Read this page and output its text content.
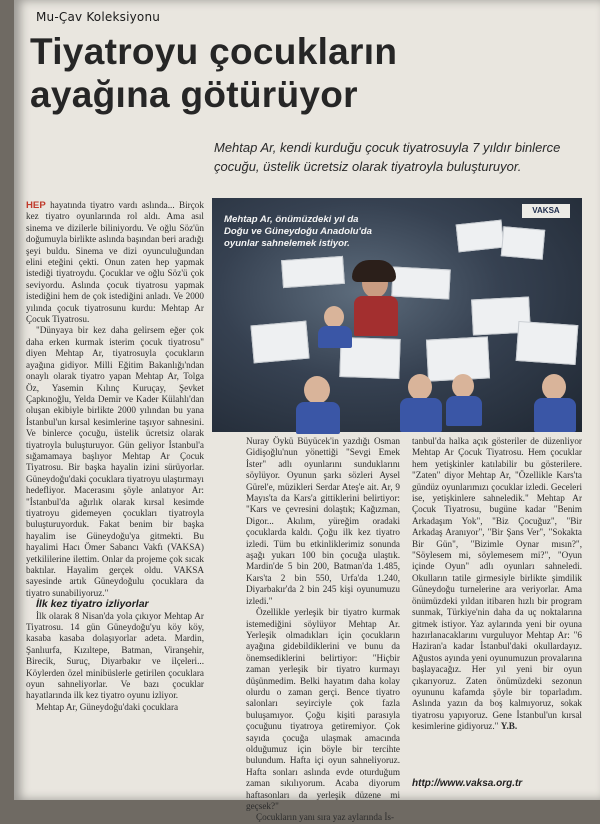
Mu-Çav Koleksiyonu
Tiyatroyu çocukların
ayağına götürüyor

Mehtap Ar, kendi kurduğu çocuk tiyatrosuyla 7 yıldır binlerce çocuğu, üstelik ücretsiz olarak tiyatroyla buluşturuyor.

HEP hayatında tiyatro vardı aslında... Birçok kez tiyatro oyunlarında rol aldı. Ama asıl sinema ve dizilerle biliniyordu. Ve oğlu Söz'ün doğumuyla birlikte aslında başından beri aradığı şeyi buldu. Sinema ve dizi oyunculuğundan elini eteğini çekti. Onun zaten hep yapmak istediği tiyatroydu. Çocuklar ve oğlu Söz'ü çok seviyordu. Aslında çocuk tiyatrosu yapmak istediğini hem de çok istediğini anladı. Ve 2000 yılında çocuk tiyatrosunu kurdu: Mehtap Ar Çocuk Tiyatrosu.

"Dünyaya bir kez daha gelirsem eğer çok daha erken kurmak isterim çocuk tiyatrosu" diyen Mehtap Ar, tiyatrosuyla çocukların ayağına gidiyor. Milli Eğitim Bakanlığı'ndan onaylı olarak tiyatro yapan Mehtap Ar, Tolga Öz, Yasemin Kılınç Kuruçay, Şevket Çapkınoğlu, Yelda Demir ve Kader Külahlı'dan oluşan ekibiyle birlikte 2000 yılından bu yana İstanbul'un kırsal kesimlerine taşıyor sahnesini. Ve binlerce çocuğu, üstelik ücretsiz olarak tiyatroyla buluşturuyor. Gün geliyor İstanbul'a sığamamaya başlıyor Mehtap Ar Çocuk Tiyatrosu. Bir başka hayalin izini sürüyorlar. Güneydoğu'daki çocuklara tiyatroyu ulaştırmayı hedefliyor. Macerasını şöyle anlatıyor Ar: "İstanbul'da ağırlık olarak kırsal kesimde tiyatroyu gidemeyen çocukları tiyatroyla buluşturuyorduk. Fakat benim bir başka hayalim ise Güneydoğu'ya gitmekti. Bu hayalimi Hacı Ömer Sabancı Vakfı (VAKSA) yetkililerine ilettim. Onlar da projeme çok sıcak baktılar. Hayalim gerçek oldu. VAKSA sayesinde artık Güneydoğulu çocuklara da tiyatro sunabiliyoruz."

İlk kez tiyatro izliyorlar

İlk olarak 8 Nisan'da yola çıkıyor Mehtap Ar Tiyatrosu. 14 gün Güneydoğu'yu köy köy, kasaba kasaba dolaşıyorlar adeta. Mardin, Şanlıurfa, Kızıltepe, Batman, Viranşehir, Birecik, Suruç, Diyarbakır ve ilçeleri... Köylerden özel minibüslerle getirilen çocuklara oyun sahneliyorlar. Ve bazı çocuklar hayatlarında ilk kez tiyatro oyunu izliyor.

Mehtap Ar, Güneydoğu'daki çocuklara

VAKSA
Mehtap Ar, önümüzdeki yıl da Doğu ve Güneydoğu Anadolu'da oyunlar sahnelemek istiyor.

Nuray Öykü Büyücek'in yazdığı Osman Gidişoğlu'nun yönettiği "Sevgi Emek İster" adlı oyunlarını sunduklarını söylüyor. Oyunun şarkı sözleri Aysel Gürel'e, müzikleri Serdar Ateş'e ait. Ar, 9 Mayıs'ta da Kars'a gittiklerini belirtiyor: "Kars ve çevresini dolaştık; Kağızman, Digor... Akılım, yüreğim oradaki çocuklarda kaldı. Çoğu ilk kez tiyatro izledi. Tüm bu etkinliklerimiz sonunda aşağı yukarı 100 bin çocuğa ulaştık. Mardin'de 5 bin 200, Batman'da 1.485, Kars'ta 2 bin 550, Urfa'da 1.240, Diyarbakır'da 2 bin 245 kişi oyunumuzu izledi."

Özellikle yerleşik bir tiyatro kurmak istemediğini söylüyor Mehtap Ar. Yerleşik olmadıkları için çocukların ayağına gidebildiklerini ve bunu da önemsediklerini belirtiyor: "Hiçbir zaman yerleşik bir tiyatro kurmayı düşünmedim. Belki hayatım daha kolay olurdu o zaman gerçi. Bence tiyatro salonları seyirciyle çok fazla buluşamıyor. Çoğu kişiti parasıyla çocuğunu tiyatroya getiremiyor. Çok sayıda çocuğa ulaşmak amacında olduğumuz için böyle bir tercihte bulundum. Hafta içi oyun sahneliyoruz. Hafta sonları aslında evde oturduğum zaman sıkılıyorum. Acaba diyorum haftasonları da yerleşik düzene mi geçsek?"

Çocukların yanı sıra yaz aylarında İs-

tanbul'da halka açık gösteriler de düzenliyor Mehtap Ar Çocuk Tiyatrosu. Hem çocuklar hem yetişkinler katılabilir bu gösterilere. "Zaten" diyor Mehtap Ar, "Özellikle Kars'ta gündüz oyunlarımızı çocuklar izledi. Geceleri ise, yetişkinlere sahneledik." Mehtap Ar Çocuk Tiyatrosu, bugüne kadar "Benim Arkadaşım Yok", "Biz Çocuğuz", "Bir Arkadaş Aranıyor", "Bir Şans Ver", "Sokakta Bir Gün", "Bizimle Oynar mısın?", "Söylesem mi, söylemesem mi?", "Oyun içinde Oyun" adlı oyunları sahneledi. Okulların tatile girmesiyle birlikte şimdilik Güneydoğu turnelerine ara veriyorlar. Ama önümüzdeki yıldan itibaren hızlı bir program sunmak, Türkiye'nin daha da uç noktalarına gitmek istiyor. Yaz aylarında yeni bir oyuna hazırlanacaklarını vurguluyor Mehtap Ar: "6 Haziran'a kadar İstanbul'daki okullardayız. Ağustos ayında yeni oyunumuzun provalarına başlayacağız. Her yıl yeni bir oyun çıkarıyoruz. Zaten önümüzdeki sezonun oyununu kafamda şöyle bir toparladım. Aslında yazın da boş kalmıyoruz, sokak tiyatrosu yapıyoruz. Gene İstanbul'un kırsal kesimlerine gidiyoruz." Y.B.

http://www.vaksa.org.tr
